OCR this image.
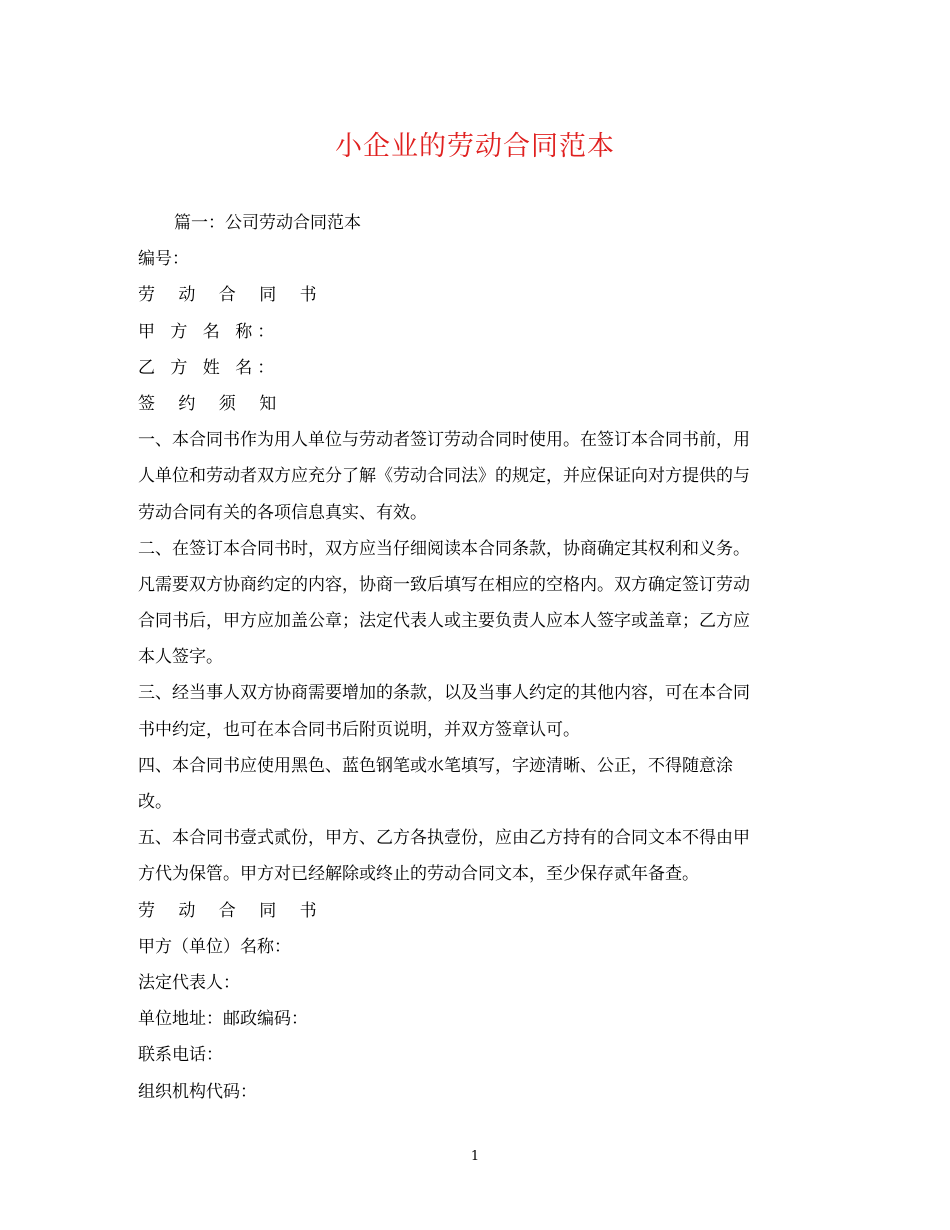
小企业的劳动合同范本
篇一：公司劳动合同范本
编号：
劳 动 合 同 书
甲 方 名 称：
乙 方 姓 名：
签 约 须 知
一、本合同书作为用人单位与劳动者签订劳动合同时使用。在签订本合同书前，用
人单位和劳动者双方应充分了解《劳动合同法》的规定，并应保证向对方提供的与
劳动合同有关的各项信息真实、有效。
二、在签订本合同书时，双方应当仔细阅读本合同条款，协商确定其权利和义务。
凡需要双方协商约定的内容，协商一致后填写在相应的空格内。双方确定签订劳动
合同书后，甲方应加盖公章；法定代表人或主要负责人应本人签字或盖章；乙方应
本人签字。
三、经当事人双方协商需要增加的条款，以及当事人约定的其他内容，可在本合同
书中约定，也可在本合同书后附页说明，并双方签章认可。
四、本合同书应使用黑色、蓝色钢笔或水笔填写，字迹清晰、公正，不得随意涂
改。
五、本合同书壹式贰份，甲方、乙方各执壹份，应由乙方持有的合同文本不得由甲
方代为保管。甲方对已经解除或终止的劳动合同文本，至少保存贰年备查。
劳 动 合 同 书
甲方（单位）名称：
法定代表人：
单位地址：邮政编码：
联系电话：
组织机构代码：
1
